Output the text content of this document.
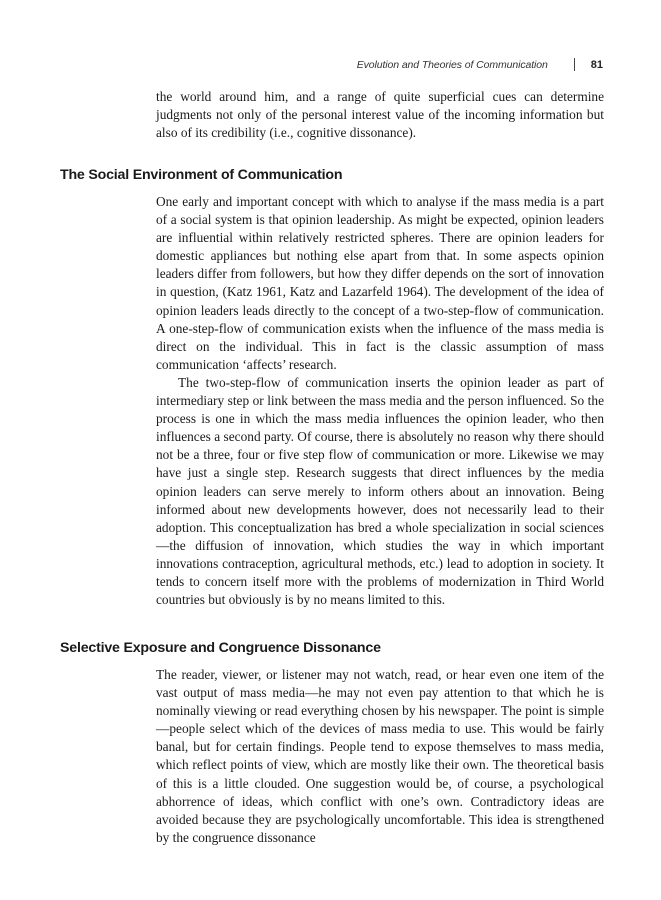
Evolution and Theories of Communication	81

the world around him, and a range of quite superficial cues can determine judgments not only of the personal interest value of the incoming information but also of its credibility (i.e., cognitive dissonance).

The Social Environment of Communication

One early and important concept with which to analyse if the mass media is a part of a social system is that opinion leadership. As might be expected, opinion leaders are influential within relatively restricted spheres. There are opinion leaders for domestic appliances but nothing else apart from that. In some aspects opinion leaders differ from followers, but how they differ depends on the sort of innovation in question, (Katz 1961, Katz and Lazarfeld 1964). The development of the idea of opinion leaders leads directly to the concept of a two-step-flow of communication. A one-step-flow of communication exists when the influence of the mass media is direct on the individual. This in fact is the classic assumption of mass communication ‘affects’ research.

The two-step-flow of communication inserts the opinion leader as part of intermediary step or link between the mass media and the person influenced. So the process is one in which the mass media influences the opinion leader, who then influences a second party. Of course, there is absolutely no reason why there should not be a three, four or five step flow of communication or more. Likewise we may have just a single step. Research suggests that direct influences by the media opinion leaders can serve merely to inform others about an innovation. Being informed about new developments however, does not necessarily lead to their adoption. This conceptualization has bred a whole specialization in social sciences—the diffusion of innovation, which studies the way in which important innovations contraception, agricultural methods, etc.) lead to adoption in society. It tends to concern itself more with the problems of modernization in Third World countries but obviously is by no means limited to this.

Selective Exposure and Congruence Dissonance

The reader, viewer, or listener may not watch, read, or hear even one item of the vast output of mass media—he may not even pay attention to that which he is nominally viewing or read everything chosen by his newspaper. The point is simple—people select which of the devices of mass media to use. This would be fairly banal, but for certain findings. People tend to expose themselves to mass media, which reflect points of view, which are mostly like their own. The theoretical basis of this is a little clouded. One suggestion would be, of course, a psychological abhorrence of ideas, which conflict with one’s own. Contradictory ideas are avoided because they are psychologically uncomfortable. This idea is strengthened by the congruence dissonance
